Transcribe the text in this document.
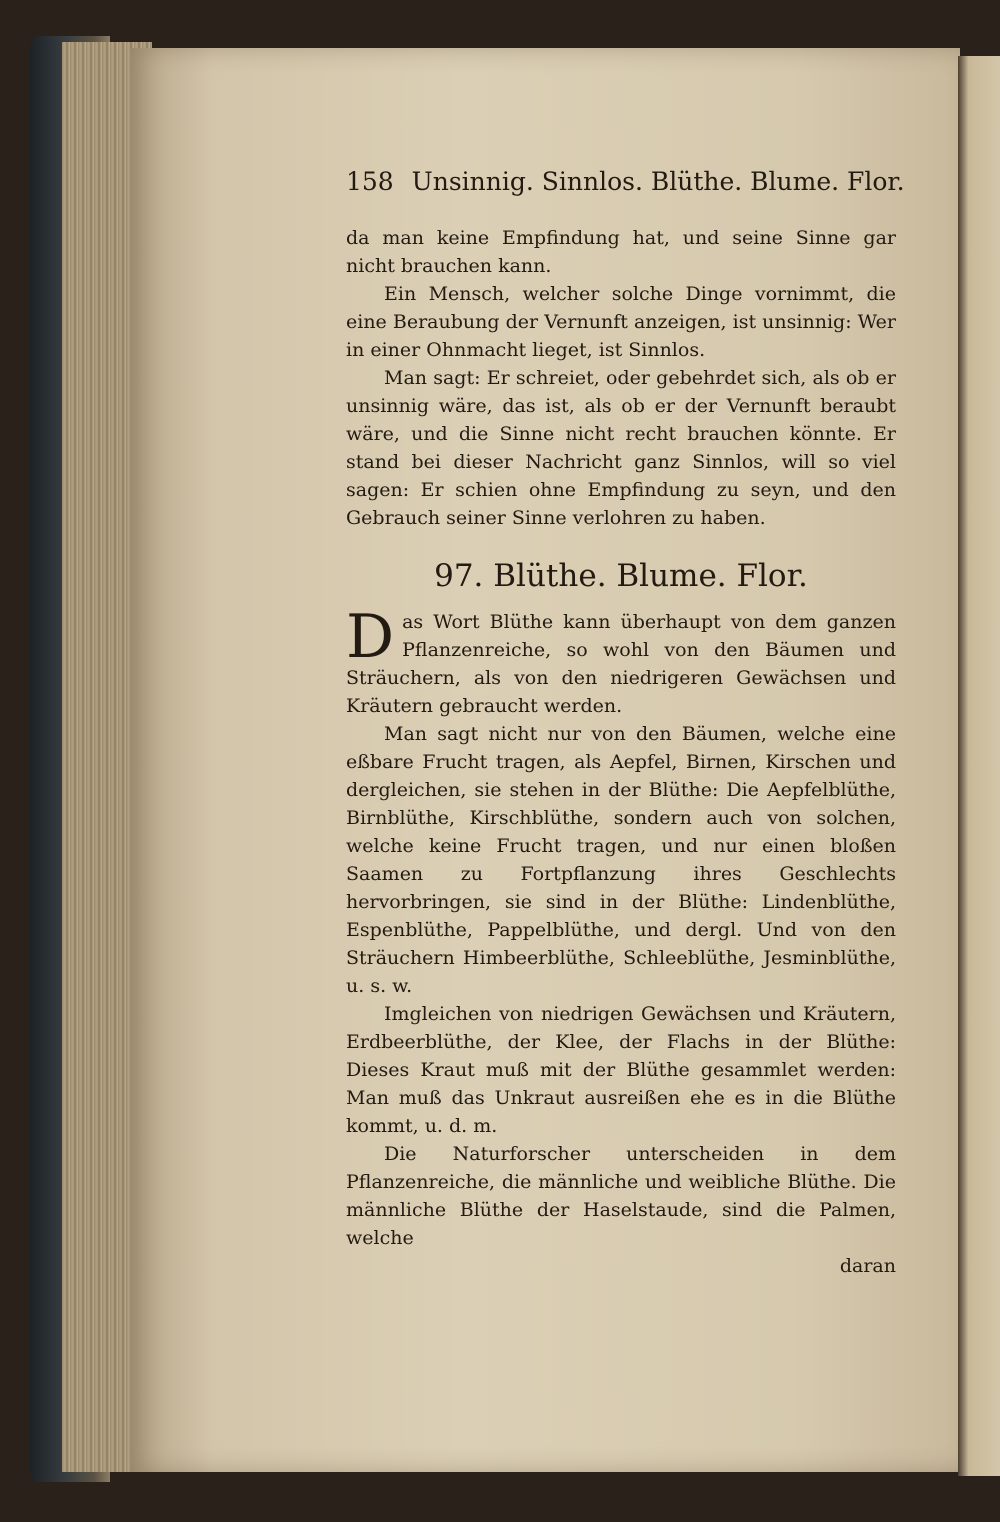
158 Unsinnig. Sinnlos. Blüthe. Blume. Flor.

da man keine Empfindung hat, und seine Sinne gar nicht brauchen kann.

Ein Mensch, welcher solche Dinge vornimmt, die eine Beraubung der Vernunft anzeigen, ist unsinnig: Wer in einer Ohnmacht lieget, ist Sinnlos.

Man sagt: Er schreiet, oder gebehrdet sich, als ob er unsinnig wäre, das ist, als ob er der Vernunft beraubt wäre, und die Sinne nicht recht brauchen könnte. Er stand bei dieser Nachricht ganz Sinnlos, will so viel sagen: Er schien ohne Empfindung zu seyn, und den Gebrauch seiner Sinne verlohren zu haben.

97. Blüthe. Blume. Flor.

Das Wort Blüthe kann überhaupt von dem ganzen Pflanzenreiche, so wohl von den Bäumen und Sträuchern, als von den niedrigeren Gewächsen und Kräutern gebraucht werden.

Man sagt nicht nur von den Bäumen, welche eine eßbare Frucht tragen, als Aepfel, Birnen, Kirschen und dergleichen, sie stehen in der Blüthe: Die Aepfelblüthe, Birnblüthe, Kirschblüthe, sondern auch von solchen, welche keine Frucht tragen, und nur einen bloßen Saamen zu Fortpflanzung ihres Geschlechts hervorbringen, sie sind in der Blüthe: Lindenblüthe, Espenblüthe, Pappelblüthe, und dergl. Und von den Sträuchern Himbeerblüthe, Schleeblüthe, Jesminblüthe, u. s. w.

Imgleichen von niedrigen Gewächsen und Kräutern, Erdbeerblüthe, der Klee, der Flachs in der Blüthe: Dieses Kraut muß mit der Blüthe gesammlet werden: Man muß das Unkraut ausreißen ehe es in die Blüthe kommt, u. d. m.

Die Naturforscher unterscheiden in dem Pflanzenreiche, die männliche und weibliche Blüthe. Die männliche Blüthe der Haselstaude, sind die Palmen, welche

daran
